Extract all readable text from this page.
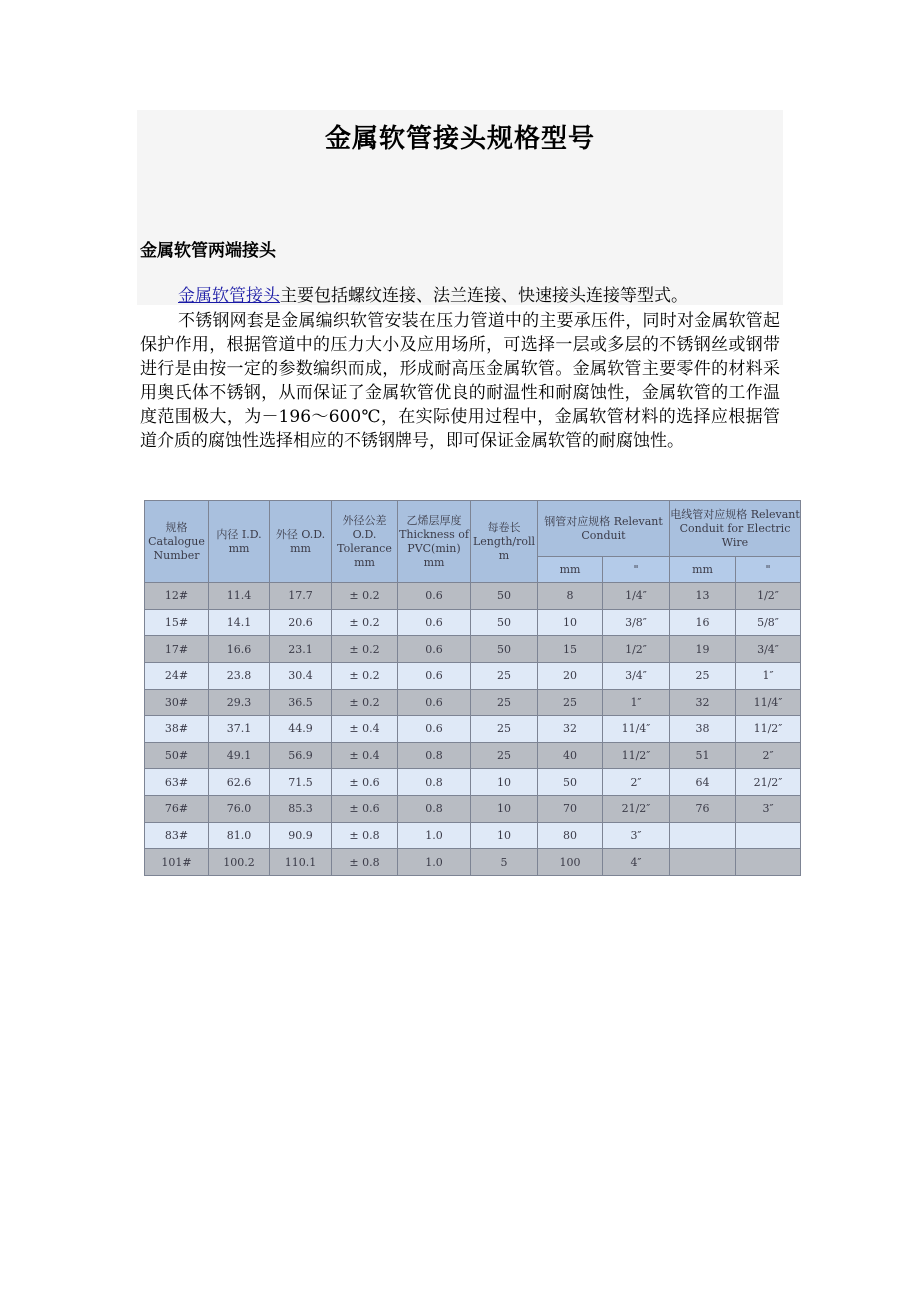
金属软管接头规格型号
金属软管两端接头
金属软管接头主要包括螺纹连接、法兰连接、快速接头连接等型式。
不锈钢网套是金属编织软管安装在压力管道中的主要承压件，同时对金属软管起保护作用，根据管道中的压力大小及应用场所，可选择一层或多层的不锈钢丝或钢带进行是由按一定的参数编织而成，形成耐高压金属软管。金属软管主要零件的材料采用奥氏体不锈钢，从而保证了金属软管优良的耐温性和耐腐蚀性，金属软管的工作温度范围极大，为－196～600℃，在实际使用过程中，金属软管材料的选择应根据管道介质的腐蚀性选择相应的不锈钢牌号，即可保证金属软管的耐腐蚀性。
规格 Catalogue Number	内径 I.D. mm	外径 O.D. mm	外径公差 O.D. Tolerance mm	乙烯层厚度 Thickness of PVC(min) mm	每卷长 Length/roll m	钢管对应规格 Relevant Conduit		电线管对应规格 Relevant Conduit for Electric Wire	
						mm	"	mm	"
12#	11.4	17.7	± 0.2	0.6	50	8	1/4″	13	1/2″
15#	14.1	20.6	± 0.2	0.6	50	10	3/8″	16	5/8″
17#	16.6	23.1	± 0.2	0.6	50	15	1/2″	19	3/4″
24#	23.8	30.4	± 0.2	0.6	25	20	3/4″	25	1″
30#	29.3	36.5	± 0.2	0.6	25	25	1″	32	11/4″
38#	37.1	44.9	± 0.4	0.6	25	32	11/4″	38	11/2″
50#	49.1	56.9	± 0.4	0.8	25	40	11/2″	51	2″
63#	62.6	71.5	± 0.6	0.8	10	50	2″	64	21/2″
76#	76.0	85.3	± 0.6	0.8	10	70	21/2″	76	3″
83#	81.0	90.9	± 0.8	1.0	10	80	3″		
101#	100.2	110.1	± 0.8	1.0	5	100	4″		
